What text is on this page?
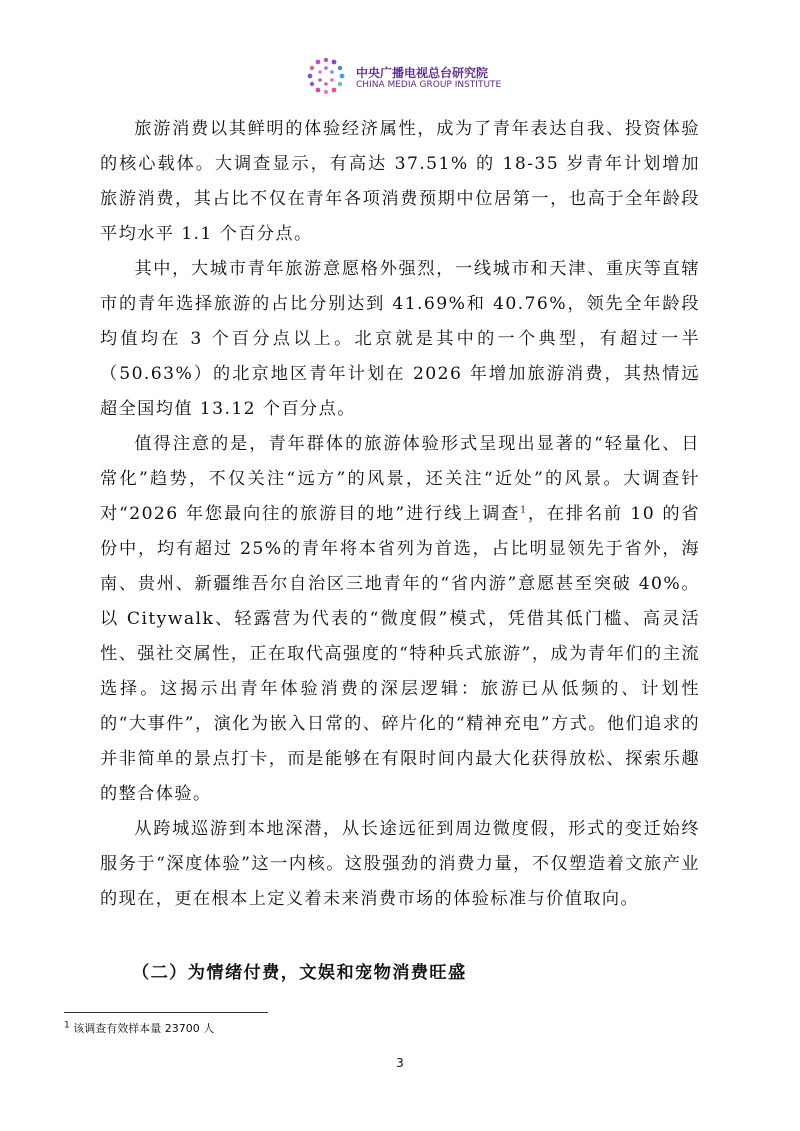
中央广播电视总台研究院
CHINA MEDIA GROUP INSTITUTE

旅游消费以其鲜明的体验经济属性，成为了青年表达自我、投资体验的核心载体。大调查显示，有高达 37.51% 的 18-35 岁青年计划增加旅游消费，其占比不仅在青年各项消费预期中位居第一，也高于全年龄段平均水平 1.1 个百分点。

其中，大城市青年旅游意愿格外强烈，一线城市和天津、重庆等直辖市的青年选择旅游的占比分别达到 41.69%和 40.76%，领先全年龄段均值均在 3 个百分点以上。北京就是其中的一个典型，有超过一半（50.63%）的北京地区青年计划在 2026 年增加旅游消费，其热情远超全国均值 13.12 个百分点。

值得注意的是，青年群体的旅游体验形式呈现出显著的“轻量化、日常化”趋势，不仅关注“远方”的风景，还关注“近处”的风景。大调查针对“2026 年您最向往的旅游目的地”进行线上调查$^1$，在排名前 10 的省份中，均有超过 25%的青年将本省列为首选，占比明显领先于省外，海南、贵州、新疆维吾尔自治区三地青年的“省内游”意愿甚至突破 40%。以 Citywalk、轻露营为代表的“微度假”模式，凭借其低门槛、高灵活性、强社交属性，正在取代高强度的“特种兵式旅游”，成为青年们的主流选择。这揭示出青年体验消费的深层逻辑：旅游已从低频的、计划性的“大事件”，演化为嵌入日常的、碎片化的“精神充电”方式。他们追求的并非简单的景点打卡，而是能够在有限时间内最大化获得放松、探索乐趣的整合体验。

从跨城巡游到本地深潜，从长途远征到周边微度假，形式的变迁始终服务于“深度体验”这一内核。这股强劲的消费力量，不仅塑造着文旅产业的现在，更在根本上定义着未来消费市场的体验标准与价值取向。

（二）为情绪付费，文娱和宠物消费旺盛
$^1$ 该调查有效样本量 23700 人
3
